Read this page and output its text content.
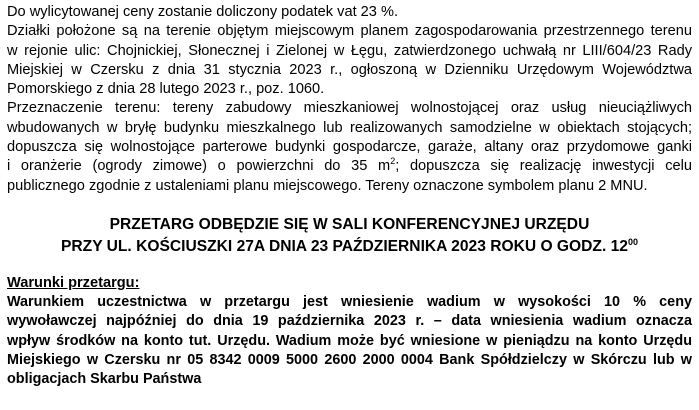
Do wylicytowanej ceny zostanie doliczony podatek vat 23 %.

Działki położone są na terenie objętym miejscowym planem zagospodarowania przestrzennego terenu
w rejonie ulic: Chojnickiej, Słonecznej i Zielonej w Łęgu, zatwierdzonego uchwałą nr LIII/604/23 Rady
Miejskiej w Czersku z dnia 31 stycznia 2023 r., ogłoszoną w Dzienniku Urzędowym Województwa
Pomorskiego z dnia 28 lutego 2023 r., poz. 1060.

Przeznaczenie terenu: tereny zabudowy mieszkaniowej wolnostojącej oraz usług nieuciążliwych
wbudowanych w bryłę budynku mieszkalnego lub realizowanych samodzielne w obiektach stojących;
dopuszcza się wolnostojące parterowe budynki gospodarcze, garaże, altany oraz przydomowe ganki
i oranżerie (ogrody zimowe) o powierzchni do 35 $m^2$; dopuszcza się realizację inwestycji celu
publicznego zgodnie z ustaleniami planu miejscowego. Tereny oznaczone symbolem planu 2 MNU.

PRZETARG ODBĘDZIE SIĘ W SALI KONFERENCYJNEJ URZĘDU

PRZY UL. KOŚCIUSZKI 27A DNIA 23 PAŹDZIERNIKA 2023 ROKU O GODZ. $12^{00}$

Warunki przetargu:

Warunkiem uczestnictwa w przetargu jest wniesienie wadium w wysokości 10 % ceny
wywoławczej najpóźniej do dnia 19 października 2023 r. – data wniesienia wadium oznacza
wpływ środków na konto tut. Urzędu. Wadium może być wniesione w pieniądzu na konto Urzędu
Miejskiego w Czersku nr 05 8342 0009 5000 2600 2000 0004 Bank Spółdzielczy w Skórczu lub w
obligacjach Skarbu Państwa
